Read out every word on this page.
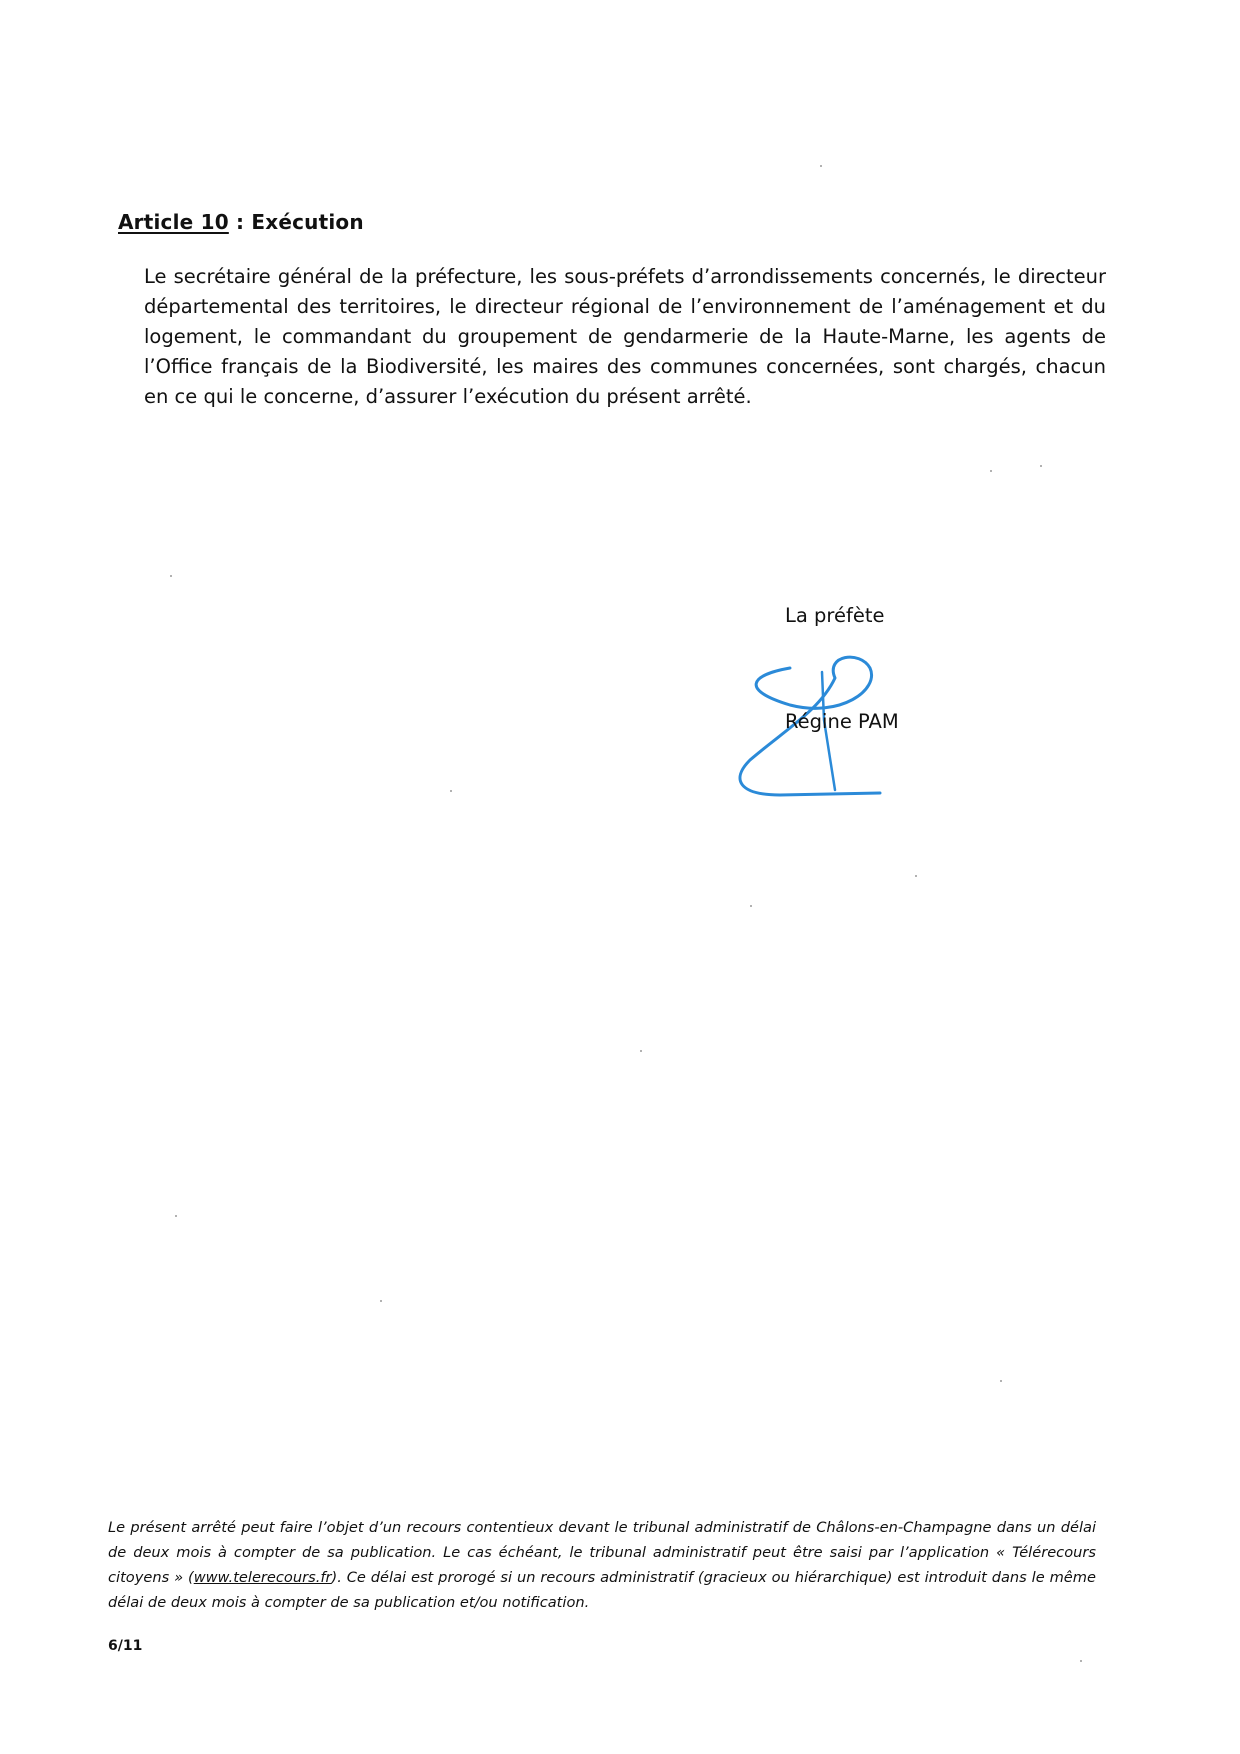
Article 10 : Exécution

Le secrétaire général de la préfecture, les sous-préfets d’arrondissements concernés, le directeur départemental des territoires, le directeur régional de l’environnement de l’aménagement et du logement, le commandant du groupement de gendarmerie de la Haute-Marne, les agents de l’Office français de la Biodiversité, les maires des communes concernées, sont chargés, chacun en ce qui le concerne, d’assurer l’exécution du présent arrêté.

La préfète
Régine PAM

Le présent arrêté peut faire l’objet d’un recours contentieux devant le tribunal administratif de Châlons-en-Champagne dans un délai de deux mois à compter de sa publication. Le cas échéant, le tribunal administratif peut être saisi par l’application « Télérecours citoyens » (www.telerecours.fr). Ce délai est prorogé si un recours administratif (gracieux ou hiérarchique) est introduit dans le même délai de deux mois à compter de sa publication et/ou notification.

6/11
